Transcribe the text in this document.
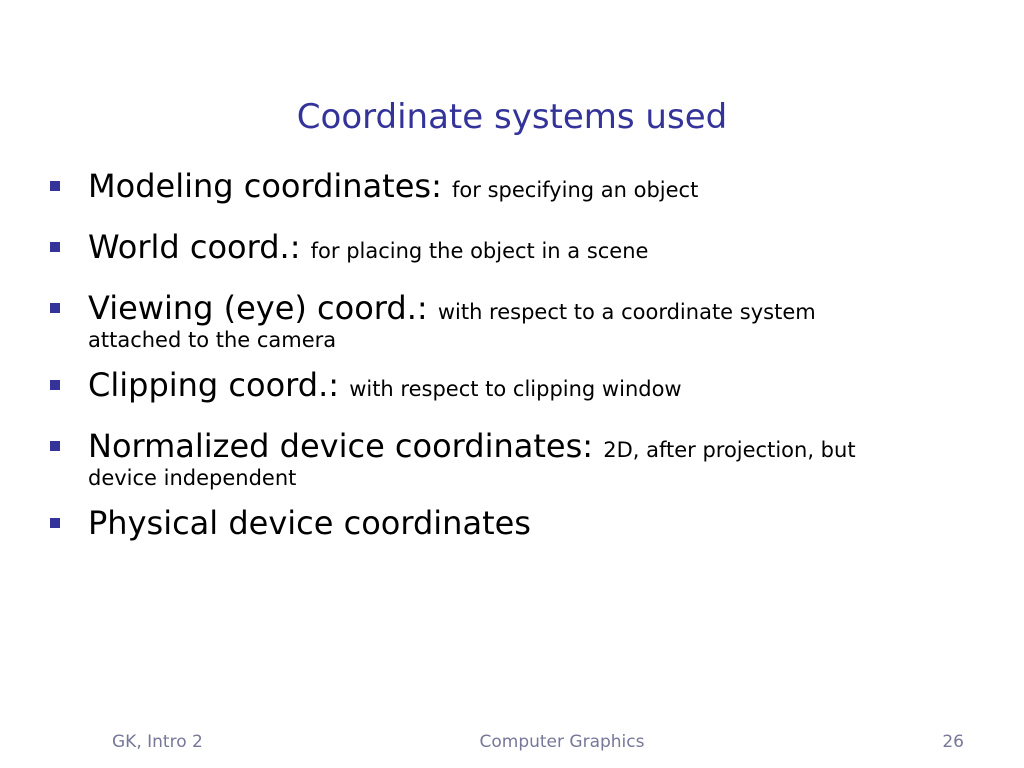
Coordinate systems used
Modeling coordinates: for specifying an object
World coord.: for placing the object in a scene
Viewing (eye) coord.: with respect to a coordinate system
attached to the camera
Clipping coord.: with respect to clipping window
Normalized device coordinates: 2D, after projection, but
device independent
Physical device coordinates
GK, Intro 2	Computer Graphics	26
